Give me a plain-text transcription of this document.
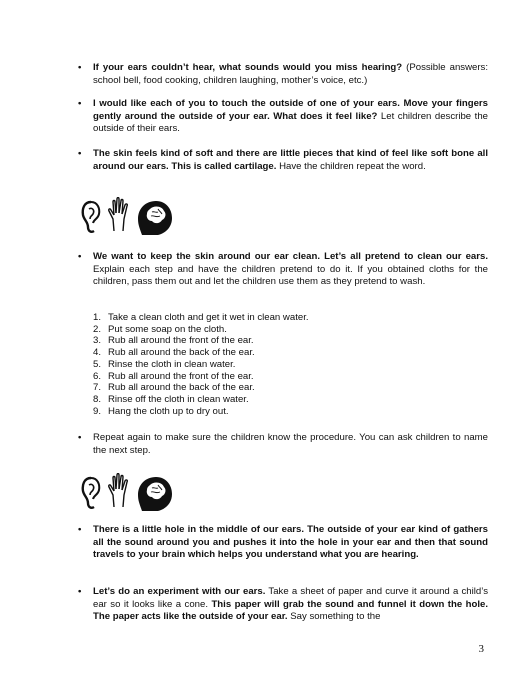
• If your ears couldn’t hear, what sounds would you miss hearing? (Possible answers: school bell, food cooking, children laughing, mother’s voice, etc.)
• I would like each of you to touch the outside of one of your ears. Move your fingers gently around the outside of your ear. What does it feel like? Let children describe the outside of their ears.
• The skin feels kind of soft and there are little pieces that kind of feel like soft bone all around our ears. This is called cartilage. Have the children repeat the word.
• We want to keep the skin around our ear clean. Let’s all pretend to clean our ears. Explain each step and have the children pretend to do it. If you obtained cloths for the children, pass them out and let the children use them as they pretend to wash.
1. Take a clean cloth and get it wet in clean water.
2. Put some soap on the cloth.
3. Rub all around the front of the ear.
4. Rub all around the back of the ear.
5. Rinse the cloth in clean water.
6. Rub all around the front of the ear.
7. Rub all around the back of the ear.
8. Rinse off the cloth in clean water.
9. Hang the cloth up to dry out.
• Repeat again to make sure the children know the procedure. You can ask children to name the next step.
• There is a little hole in the middle of our ears. The outside of your ear kind of gathers all the sound around you and pushes it into the hole in your ear and then that sound travels to your brain which helps you understand what you are hearing.
• Let’s do an experiment with our ears. Take a sheet of paper and curve it around a child’s ear so it looks like a cone. This paper will grab the sound and funnel it down the hole. The paper acts like the outside of your ear. Say something to the
3
